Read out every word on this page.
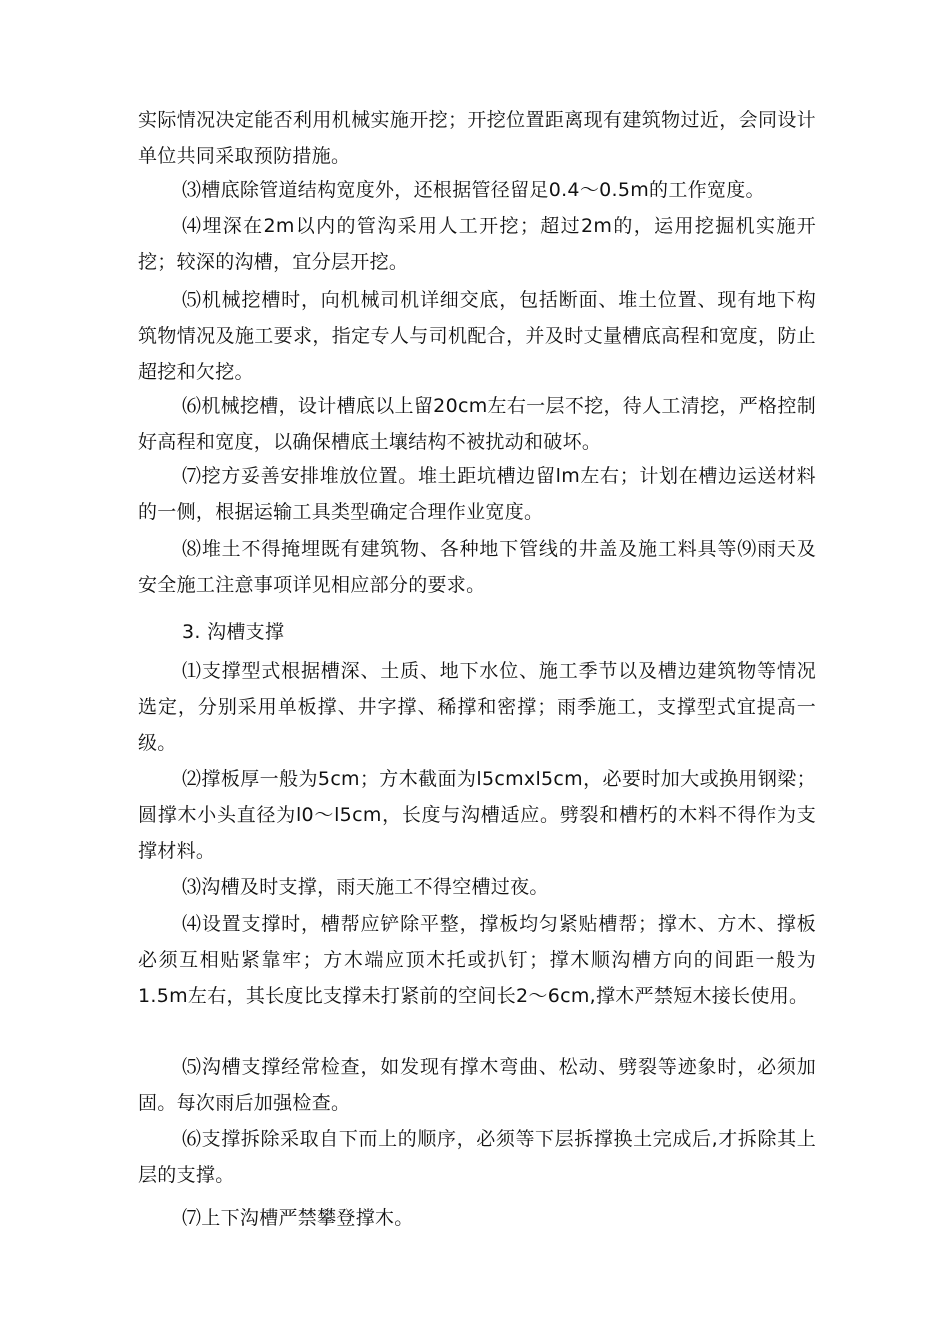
实际情况决定能否利用机械实施开挖；开挖位置距离现有建筑物过近，会同设计单位共同采取预防措施。

⑶槽底除管道结构宽度外，还根据管径留足0.4〜0.5m的工作宽度。

⑷埋深在2m以内的管沟采用人工开挖；超过2m的，运用挖掘机实施开挖；较深的沟槽，宜分层开挖。

⑸机械挖槽时，向机械司机详细交底，包括断面、堆土位置、现有地下构筑物情况及施工要求，指定专人与司机配合，并及时丈量槽底高程和宽度，防止超挖和欠挖。

⑹机械挖槽，设计槽底以上留20cm左右一层不挖，待人工清挖，严格控制好高程和宽度，以确保槽底土壤结构不被扰动和破坏。

⑺挖方妥善安排堆放位置。堆土距坑槽边留lm左右；计划在槽边运送材料的一侧，根据运输工具类型确定合理作业宽度。

⑻堆土不得掩埋既有建筑物、各种地下管线的井盖及施工料具等⑼雨天及安全施工注意事项详见相应部分的要求。

3. 沟槽支撑

⑴支撑型式根据槽深、土质、地下水位、施工季节以及槽边建筑物等情况选定，分别采用单板撑、井字撑、稀撑和密撑；雨季施工，支撑型式宜提高一级。

⑵撑板厚一般为5cm；方木截面为l5cmxl5cm，必要时加大或换用钢梁；圆撑木小头直径为l0〜l5cm，长度与沟槽适应。劈裂和槽朽的木料不得作为支撑材料。

⑶沟槽及时支撑，雨天施工不得空槽过夜。

⑷设置支撑时，槽帮应铲除平整，撑板均匀紧贴槽帮；撑木、方木、撑板必须互相贴紧靠牢；方木端应顶木托或扒钉；撑木顺沟槽方向的间距一般为1.5m左右，其长度比支撑未打紧前的空间长2〜6cm,撑木严禁短木接长使用。

⑸沟槽支撑经常检查，如发现有撑木弯曲、松动、劈裂等迹象时，必须加固。每次雨后加强检查。

⑹支撑拆除采取自下而上的顺序，必须等下层拆撑换土完成后,才拆除其上层的支撑。

⑺上下沟槽严禁攀登撑木。
